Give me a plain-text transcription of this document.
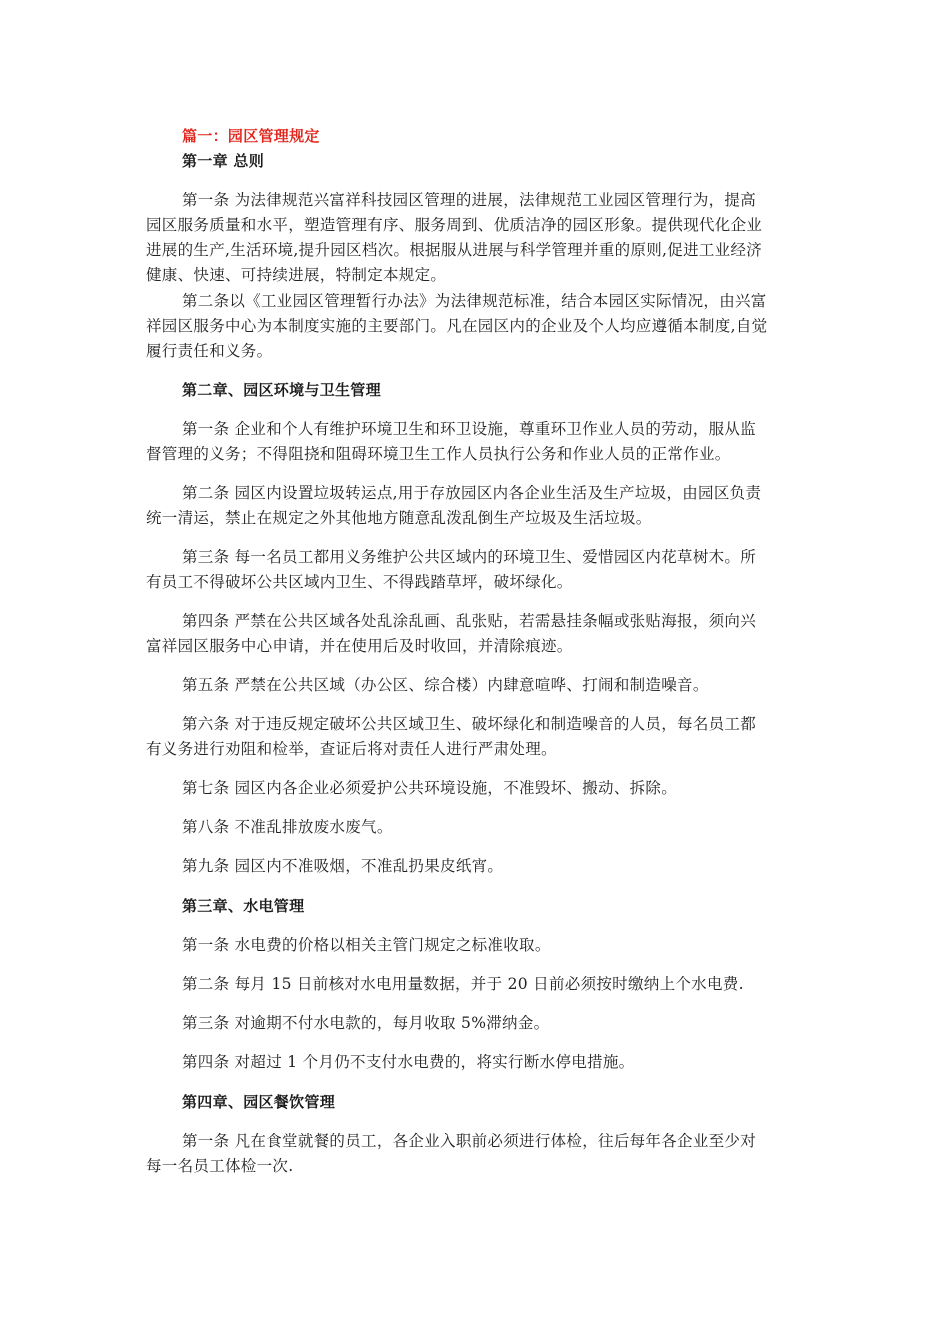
篇一：园区管理规定
第一章 总则
第一条 为法律规范兴富祥科技园区管理的进展，法律规范工业园区管理行为，提高
园区服务质量和水平，塑造管理有序、服务周到、优质洁净的园区形象。提供现代化企业
进展的生产,生活环境,提升园区档次。根据服从进展与科学管理并重的原则,促进工业经济
健康、快速、可持续进展，特制定本规定。
第二条以《工业园区管理暂行办法》为法律规范标准，结合本园区实际情况，由兴富
祥园区服务中心为本制度实施的主要部门。凡在园区内的企业及个人均应遵循本制度,自觉
履行责任和义务。
第二章、园区环境与卫生管理
第一条 企业和个人有维护环境卫生和环卫设施，尊重环卫作业人员的劳动，服从监
督管理的义务；不得阻挠和阻碍环境卫生工作人员执行公务和作业人员的正常作业。
第二条 园区内设置垃圾转运点,用于存放园区内各企业生活及生产垃圾，由园区负责
统一清运，禁止在规定之外其他地方随意乱泼乱倒生产垃圾及生活垃圾。
第三条 每一名员工都用义务维护公共区域内的环境卫生、爱惜园区内花草树木。所
有员工不得破坏公共区域内卫生、不得践踏草坪，破坏绿化。
第四条 严禁在公共区域各处乱涂乱画、乱张贴，若需悬挂条幅或张贴海报，须向兴
富祥园区服务中心申请，并在使用后及时收回，并清除痕迹。
第五条 严禁在公共区域（办公区、综合楼）内肆意喧哗、打闹和制造噪音。
第六条 对于违反规定破坏公共区域卫生、破坏绿化和制造噪音的人员，每名员工都
有义务进行劝阻和检举，查证后将对责任人进行严肃处理。
第七条 园区内各企业必须爱护公共环境设施，不准毁坏、搬动、拆除。
第八条 不准乱排放废水废气。
第九条 园区内不准吸烟，不准乱扔果皮纸宵。
第三章、水电管理
第一条 水电费的价格以相关主管门规定之标准收取。
第二条 每月 15 日前核对水电用量数据，并于 20 日前必须按时缴纳上个水电费.
第三条 对逾期不付水电款的，每月收取 5%滞纳金。
第四条 对超过 1 个月仍不支付水电费的，将实行断水停电措施。
第四章、园区餐饮管理
第一条 凡在食堂就餐的员工，各企业入职前必须进行体检，往后每年各企业至少对
每一名员工体检一次.
